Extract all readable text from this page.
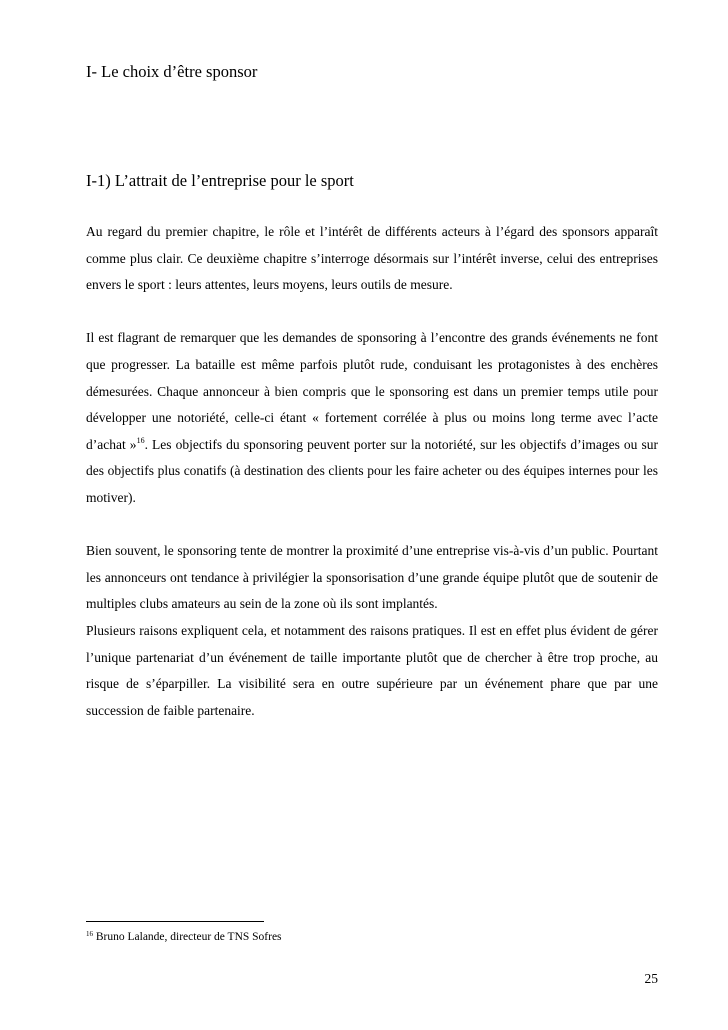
I- Le choix d’être sponsor
I-1) L’attrait de l’entreprise pour le sport

Au regard du premier chapitre, le rôle et l’intérêt de différents acteurs à l’égard des sponsors apparaît comme plus clair. Ce deuxième chapitre s’interroge désormais sur l’intérêt inverse, celui des entreprises envers le sport : leurs attentes, leurs moyens, leurs outils de mesure.

Il est flagrant de remarquer que les demandes de sponsoring à l’encontre des grands événements ne font que progresser. La bataille est même parfois plutôt rude, conduisant les protagonistes à des enchères démesurées. Chaque annonceur à bien compris que le sponsoring est dans un premier temps utile pour développer une notoriété, celle-ci étant « fortement corrélée à plus ou moins long terme avec l’acte d’achat »$^{16}$. Les objectifs du sponsoring peuvent porter sur la notoriété, sur les objectifs d’images ou sur des objectifs plus conatifs (à destination des clients pour les faire acheter ou des équipes internes pour les motiver).

Bien souvent, le sponsoring tente de montrer la proximité d’une entreprise vis-à-vis d’un public. Pourtant les annonceurs ont tendance à privilégier la sponsorisation d’une grande équipe plutôt que de soutenir de multiples clubs amateurs au sein de la zone où ils sont implantés.

Plusieurs raisons expliquent cela, et notamment des raisons pratiques. Il est en effet plus évident de gérer l’unique partenariat d’un événement de taille importante plutôt que de chercher à être trop proche, au risque de s’éparpiller. La visibilité sera en outre supérieure par un événement phare que par une succession de faible partenaire.

$^{16}$ Bruno Lalande, directeur de TNS Sofres
25
